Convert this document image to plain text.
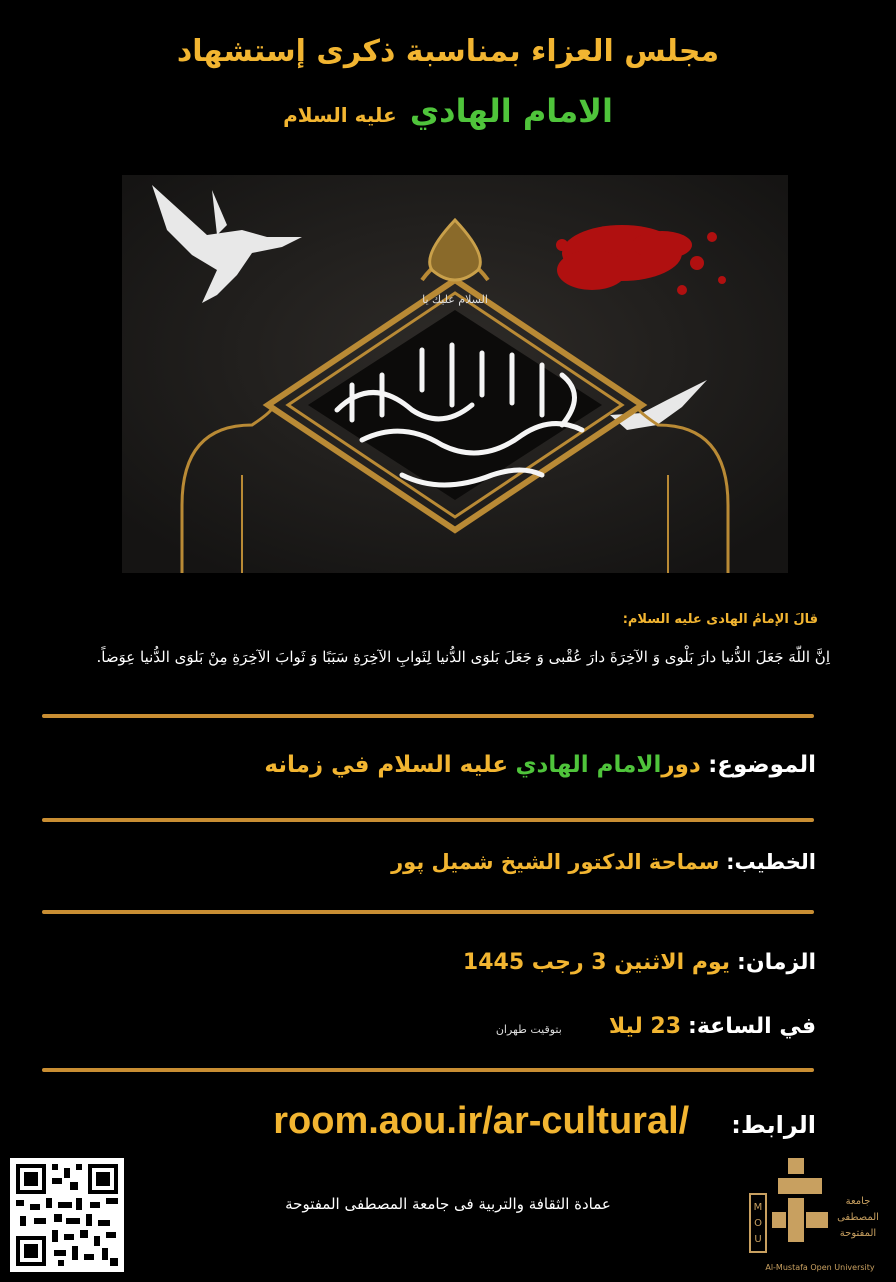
مجلس العزاء بمناسبة ذكرى إستشهاد
الامام الهادي عليه السلام
السلام عليك يا
قالَ الإمامُ الهادی علیه السلام:
اِنَّ اللّهَ جَعَلَ الدُّنيا دارَ بَلْوى وَ الآخِرَةَ دارَ عُقْبى وَ جَعَلَ بَلوَى الدُّنيا لِثَوابِ الآخِرَةِ سَبَبًا وَ ثَوابَ الآخِرَةِ مِنْ بَلوَى الدُّنيا عِوَضاً.
الموضوع: دورالامام الهادي عليه السلام في زمانه
الخطیب: سماحة الدكتور الشيخ شميل پور
الزمان: یوم الاثنین 3 رجب 1445
في الساعة: 23 ليلا بتوقيت طهران
الرابط: room.aou.ir/ar-cultural/
عمادة الثقافة والتربية فی جامعة المصطفی المفتوحة	M
O
U
جامعة
المصطفى
المفتوحة
Al-Mustafa Open University
